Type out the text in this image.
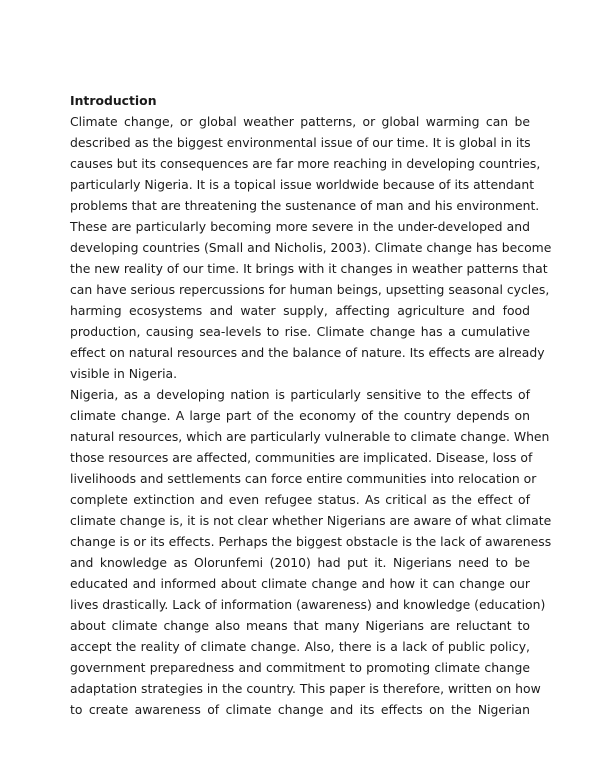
Introduction
Climate change, or global weather patterns, or global warming can be
described as the biggest environmental issue of our time. It is global in its
causes but its consequences are far more reaching in developing countries,
particularly Nigeria. It is a topical issue worldwide because of its attendant
problems that are threatening the sustenance of man and his environment.
These are particularly becoming more severe in the under-developed and
developing countries (Small and Nicholis, 2003). Climate change has become
the new reality of our time. It brings with it changes in weather patterns that
can have serious repercussions for human beings, upsetting seasonal cycles,
harming ecosystems and water supply, affecting agriculture and food
production, causing sea-levels to rise. Climate change has a cumulative
effect on natural resources and the balance of nature. Its effects are already
visible in Nigeria.
Nigeria, as a developing nation is particularly sensitive to the effects of
climate change. A large part of the economy of the country depends on
natural resources, which are particularly vulnerable to climate change. When
those resources are affected, communities are implicated. Disease, loss of
livelihoods and settlements can force entire communities into relocation or
complete extinction and even refugee status. As critical as the effect of
climate change is, it is not clear whether Nigerians are aware of what climate
change is or its effects. Perhaps the biggest obstacle is the lack of awareness
and knowledge as Olorunfemi (2010) had put it. Nigerians need to be
educated and informed about climate change and how it can change our
lives drastically. Lack of information (awareness) and knowledge (education)
about climate change also means that many Nigerians are reluctant to
accept the reality of climate change. Also, there is a lack of public policy,
government preparedness and commitment to promoting climate change
adaptation strategies in the country. This paper is therefore, written on how
to create awareness of climate change and its effects on the Nigerian
